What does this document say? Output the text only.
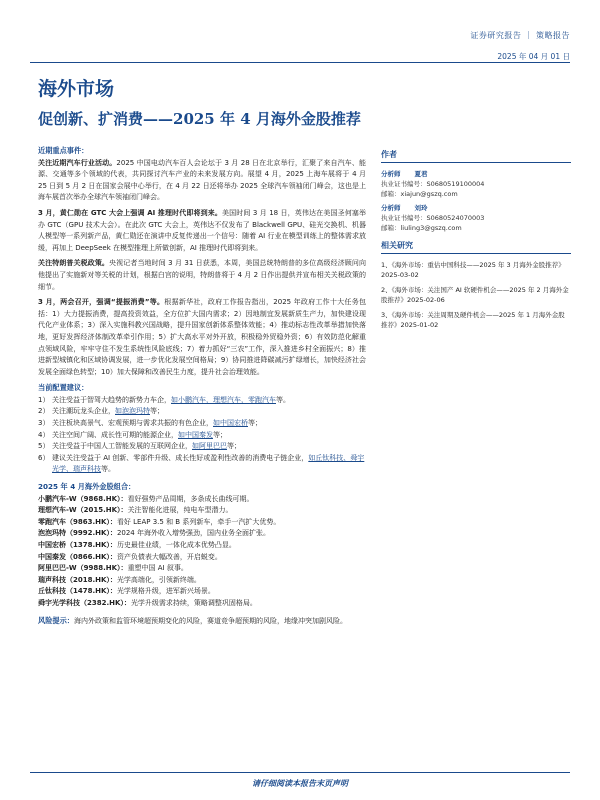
证券研究报告 ｜ 策略报告
2025 年 04 月 01 日
海外市场
促创新、扩消费——2025 年 4 月海外金股推荐
近期重点事件：

关注近期汽车行业活动。2025 中国电动汽车百人会论坛于 3 月 28 日在北京举行，汇聚了来自汽车、能源、交通等多个领域的代表，共同探讨汽车产业的未来发展方向。展望 4 月，2025 上海车展将于 4 月 25 日到 5 月 2 日在国家会展中心举行，在 4 月 22 日还将举办 2025 全球汽车领袖闭门峰会，这也是上海车展首次举办全球汽车领袖闭门峰会。

3 月，黄仁勋在 GTC 大会上强调 AI 推理时代即将到来。美国时间 3 月 18 日，英伟达在美国圣何塞举办 GTC（GPU 技术大会）。在此次 GTC 大会上，英伟达不仅发布了 Blackwell GPU、硅光交换机、机器人模型等一系列新产品，黄仁勋还在演讲中反复传递出一个信号：随着 AI 行业在模型训练上的整体需求放缓，再加上 DeepSeek 在模型推理上所做创新，AI 推理时代即将到来。

关注特朗普关税政策。央视记者当地时间 3 月 31 日获悉，本周，美国总统特朗普的多位高级经济顾问向他提出了实施新对等关税的计划，根据白宫的说明，特朗普将于 4 月 2 日作出提供并宣布相关关税政策的细节。

3 月，两会召开，强调“提振消费”等。根据新华社，政府工作报告指出，2025 年政府工作十大任务包括：1）大力提振消费，提高投资效益，全方位扩大国内需求；2）因地制宜发展新质生产力，加快建设现代化产业体系；3）深入实施科教兴国战略，提升国家创新体系整体效能；4）推动标志性改革举措加快落地，更好发挥经济体制改革牵引作用；5）扩大高水平对外开放，积极稳外贸稳外资；6）有效防范化解重点领域风险，牢牢守住不发生系统性风险底线；7）着力抓好“三农”工作，深入推进乡村全面振兴；8）推进新型城镇化和区域协调发展，进一步优化发展空间格局；9）协同推进降碳减污扩绿增长，加快经济社会发展全面绿色转型；10）加大保障和改善民生力度，提升社会治理效能。

当前配置建议：
1） 关注受益于智驾大趋势的新势力车企，如小鹏汽车，理想汽车，零跑汽车等。
2） 关注潮玩龙头企业，如泡泡玛特等；
3） 关注板块高景气、宏观预期与需求共振的有色企业，如中国宏桥等；
4） 关注空间广阔、成长性可期的能源企业，如中国秦发等；
5） 关注受益于中国人工智能发展的互联网企业，如阿里巴巴等；
6） 建议关注受益于 AI 创新、零部件升级、成长性好或盈利性改善的消费电子链企业，如丘钛科技、舜宇光学、瑞声科技等。
2025 年 4 月海外金股组合：
小鹏汽车-W（9868.HK）：看好强势产品周期，多条成长曲线可期。
理想汽车-W（2015.HK）：关注智能化进展，纯电车型潜力。
零跑汽车（9863.HK）：看好 LEAP 3.5 和 B 系列新车，牵手一汽扩大优势。
泡泡玛特（9992.HK）：2024 年海外收入增势强劲，国内业务全面扩张。
中国宏桥（1378.HK）：历史最佳业绩，一体化成本优势凸显。
中国秦发（0866.HK）：资产负债表大幅改善，开启蜕变。
阿里巴巴-W（9988.HK）：重塑中国 AI 叙事。
瑞声科技（2018.HK）：光学高端化，引领新终端。
丘钛科技（1478.HK）：光学规格升级，进军新兴场景。
舜宇光学科技（2382.HK）：光学升级需求持续，策略调整巩固格局。

风险提示：海内外政策和监管环境超预期变化的风险，赛道竞争超预期的风险，地缘冲突加剧风险。

作者
分析师 夏君
执业证书编号：S0680519100004
邮箱：xiajun@gszq.com
分析师 刘玲
执业证书编号：S0680524070003
邮箱：liuling3@gszq.com
相关研究
1、《海外市场：重估中国科技——2025 年 3 月海外金股推荐》2025-03-02
2、《海外市场：关注国产 AI 软硬件机会——2025 年 2 月海外金股推荐》2025-02-06
3、《海外市场：关注周期及硬件机会——2025 年 1 月海外金股推荐》2025-01-02
请仔细阅读本报告末页声明
